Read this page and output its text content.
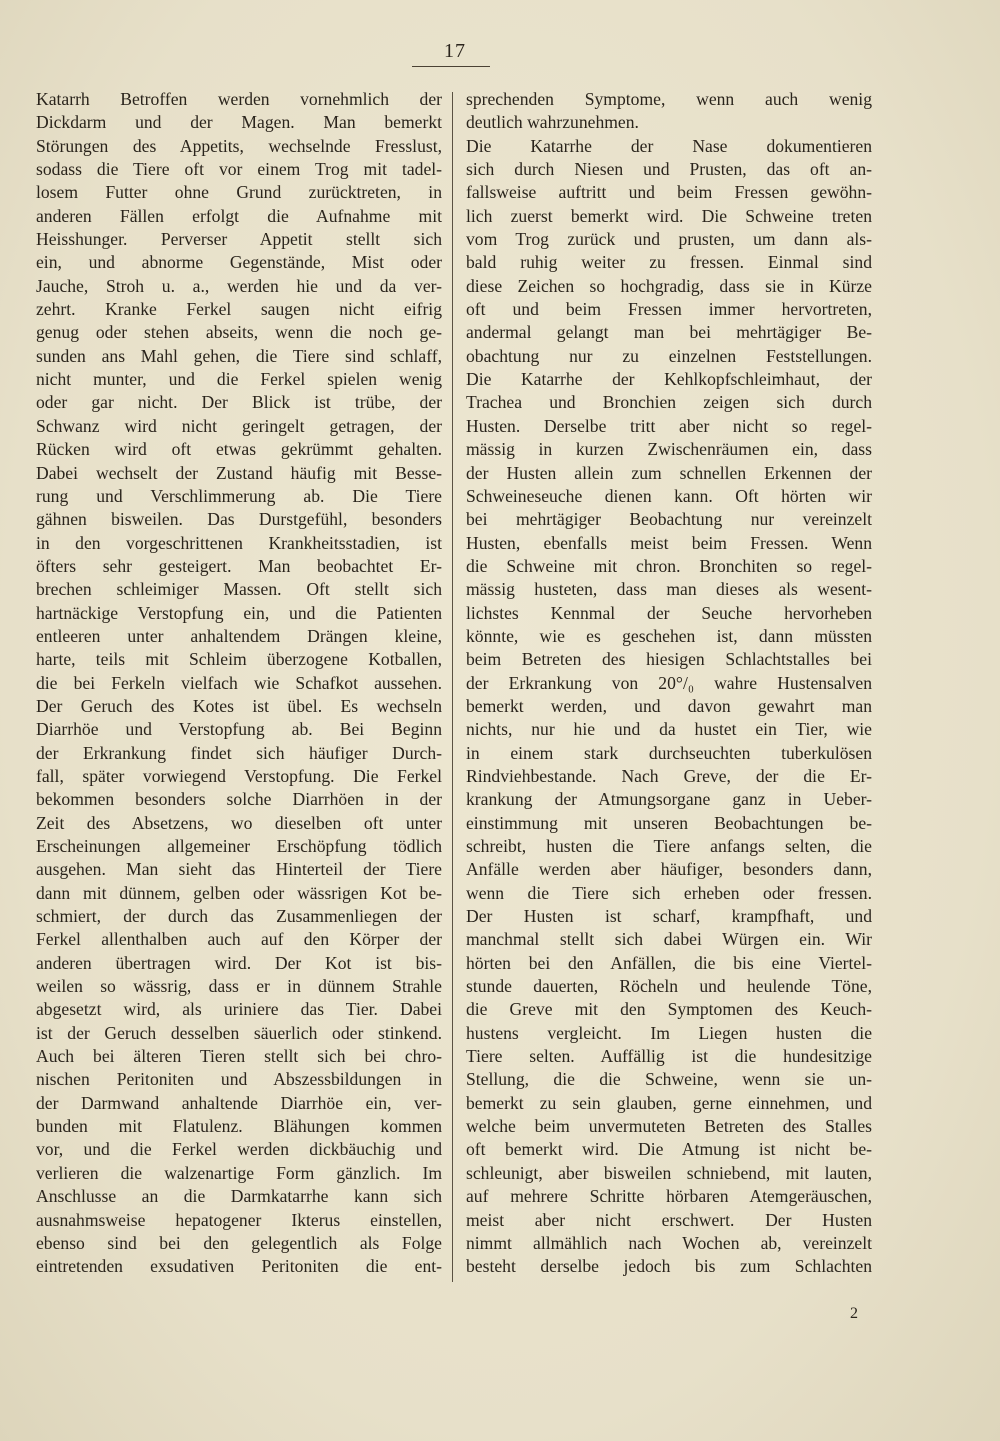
17
Katarrh Betroffen werden vornehmlich der
Dickdarm und der Magen. Man bemerkt
Störungen des Appetits, wechselnde Fresslust,
sodass die Tiere oft vor einem Trog mit tadel-
losem Futter ohne Grund zurücktreten, in
anderen Fällen erfolgt die Aufnahme mit
Heisshunger. Perverser Appetit stellt sich
ein, und abnorme Gegenstände, Mist oder
Jauche, Stroh u. a., werden hie und da ver-
zehrt. Kranke Ferkel saugen nicht eifrig
genug oder stehen abseits, wenn die noch ge-
sunden ans Mahl gehen, die Tiere sind schlaff,
nicht munter, und die Ferkel spielen wenig
oder gar nicht. Der Blick ist trübe, der
Schwanz wird nicht geringelt getragen, der
Rücken wird oft etwas gekrümmt gehalten.
Dabei wechselt der Zustand häufig mit Besse-
rung und Verschlimmerung ab. Die Tiere
gähnen bisweilen. Das Durstgefühl, besonders
in den vorgeschrittenen Krankheitsstadien, ist
öfters sehr gesteigert. Man beobachtet Er-
brechen schleimiger Massen. Oft stellt sich
hartnäckige Verstopfung ein, und die Patienten
entleeren unter anhaltendem Drängen kleine,
harte, teils mit Schleim überzogene Kotballen,
die bei Ferkeln vielfach wie Schafkot aussehen.
Der Geruch des Kotes ist übel. Es wechseln
Diarrhöe und Verstopfung ab. Bei Beginn
der Erkrankung findet sich häufiger Durch-
fall, später vorwiegend Verstopfung. Die Ferkel
bekommen besonders solche Diarrhöen in der
Zeit des Absetzens, wo dieselben oft unter
Erscheinungen allgemeiner Erschöpfung tödlich
ausgehen. Man sieht das Hinterteil der Tiere
dann mit dünnem, gelben oder wässrigen Kot be-
schmiert, der durch das Zusammenliegen der
Ferkel allenthalben auch auf den Körper der
anderen übertragen wird. Der Kot ist bis-
weilen so wässrig, dass er in dünnem Strahle
abgesetzt wird, als uriniere das Tier. Dabei
ist der Geruch desselben säuerlich oder stinkend.
Auch bei älteren Tieren stellt sich bei chro-
nischen Peritoniten und Abszessbildungen in
der Darmwand anhaltende Diarrhöe ein, ver-
bunden mit Flatulenz. Blähungen kommen
vor, und die Ferkel werden dickbäuchig und
verlieren die walzenartige Form gänzlich. Im
Anschlusse an die Darmkatarrhe kann sich
ausnahmsweise hepatogener Ikterus einstellen,
ebenso sind bei den gelegentlich als Folge
eintretenden exsudativen Peritoniten die ent-
sprechenden Symptome, wenn auch wenig
deutlich wahrzunehmen.
Die Katarrhe der Nase dokumentieren
sich durch Niesen und Prusten, das oft an-
fallsweise auftritt und beim Fressen gewöhn-
lich zuerst bemerkt wird. Die Schweine treten
vom Trog zurück und prusten, um dann als-
bald ruhig weiter zu fressen. Einmal sind
diese Zeichen so hochgradig, dass sie in Kürze
oft und beim Fressen immer hervortreten,
andermal gelangt man bei mehrtägiger Be-
obachtung nur zu einzelnen Feststellungen.
Die Katarrhe der Kehlkopfschleimhaut, der
Trachea und Bronchien zeigen sich durch
Husten. Derselbe tritt aber nicht so regel-
mässig in kurzen Zwischenräumen ein, dass
der Husten allein zum schnellen Erkennen der
Schweineseuche dienen kann. Oft hörten wir
bei mehrtägiger Beobachtung nur vereinzelt
Husten, ebenfalls meist beim Fressen. Wenn
die Schweine mit chron. Bronchiten so regel-
mässig husteten, dass man dieses als wesent-
lichstes Kennmal der Seuche hervorheben
könnte, wie es geschehen ist, dann müssten
beim Betreten des hiesigen Schlachtstalles bei
der Erkrankung von 20°/₀ wahre Hustensalven
bemerkt werden, und davon gewahrt man
nichts, nur hie und da hustet ein Tier, wie
in einem stark durchseuchten tuberkulösen
Rindviehbestande. Nach Greve, der die Er-
krankung der Atmungsorgane ganz in Ueber-
einstimmung mit unseren Beobachtungen be-
schreibt, husten die Tiere anfangs selten, die
Anfälle werden aber häufiger, besonders dann,
wenn die Tiere sich erheben oder fressen.
Der Husten ist scharf, krampfhaft, und
manchmal stellt sich dabei Würgen ein. Wir
hörten bei den Anfällen, die bis eine Viertel-
stunde dauerten, Röcheln und heulende Töne,
die Greve mit den Symptomen des Keuch-
hustens vergleicht. Im Liegen husten die
Tiere selten. Auffällig ist die hundesitzige
Stellung, die die Schweine, wenn sie un-
bemerkt zu sein glauben, gerne einnehmen, und
welche beim unvermuteten Betreten des Stalles
oft bemerkt wird. Die Atmung ist nicht be-
schleunigt, aber bisweilen schniebend, mit lauten,
auf mehrere Schritte hörbaren Atemgeräuschen,
meist aber nicht erschwert. Der Husten
nimmt allmählich nach Wochen ab, vereinzelt
besteht derselbe jedoch bis zum Schlachten
2
